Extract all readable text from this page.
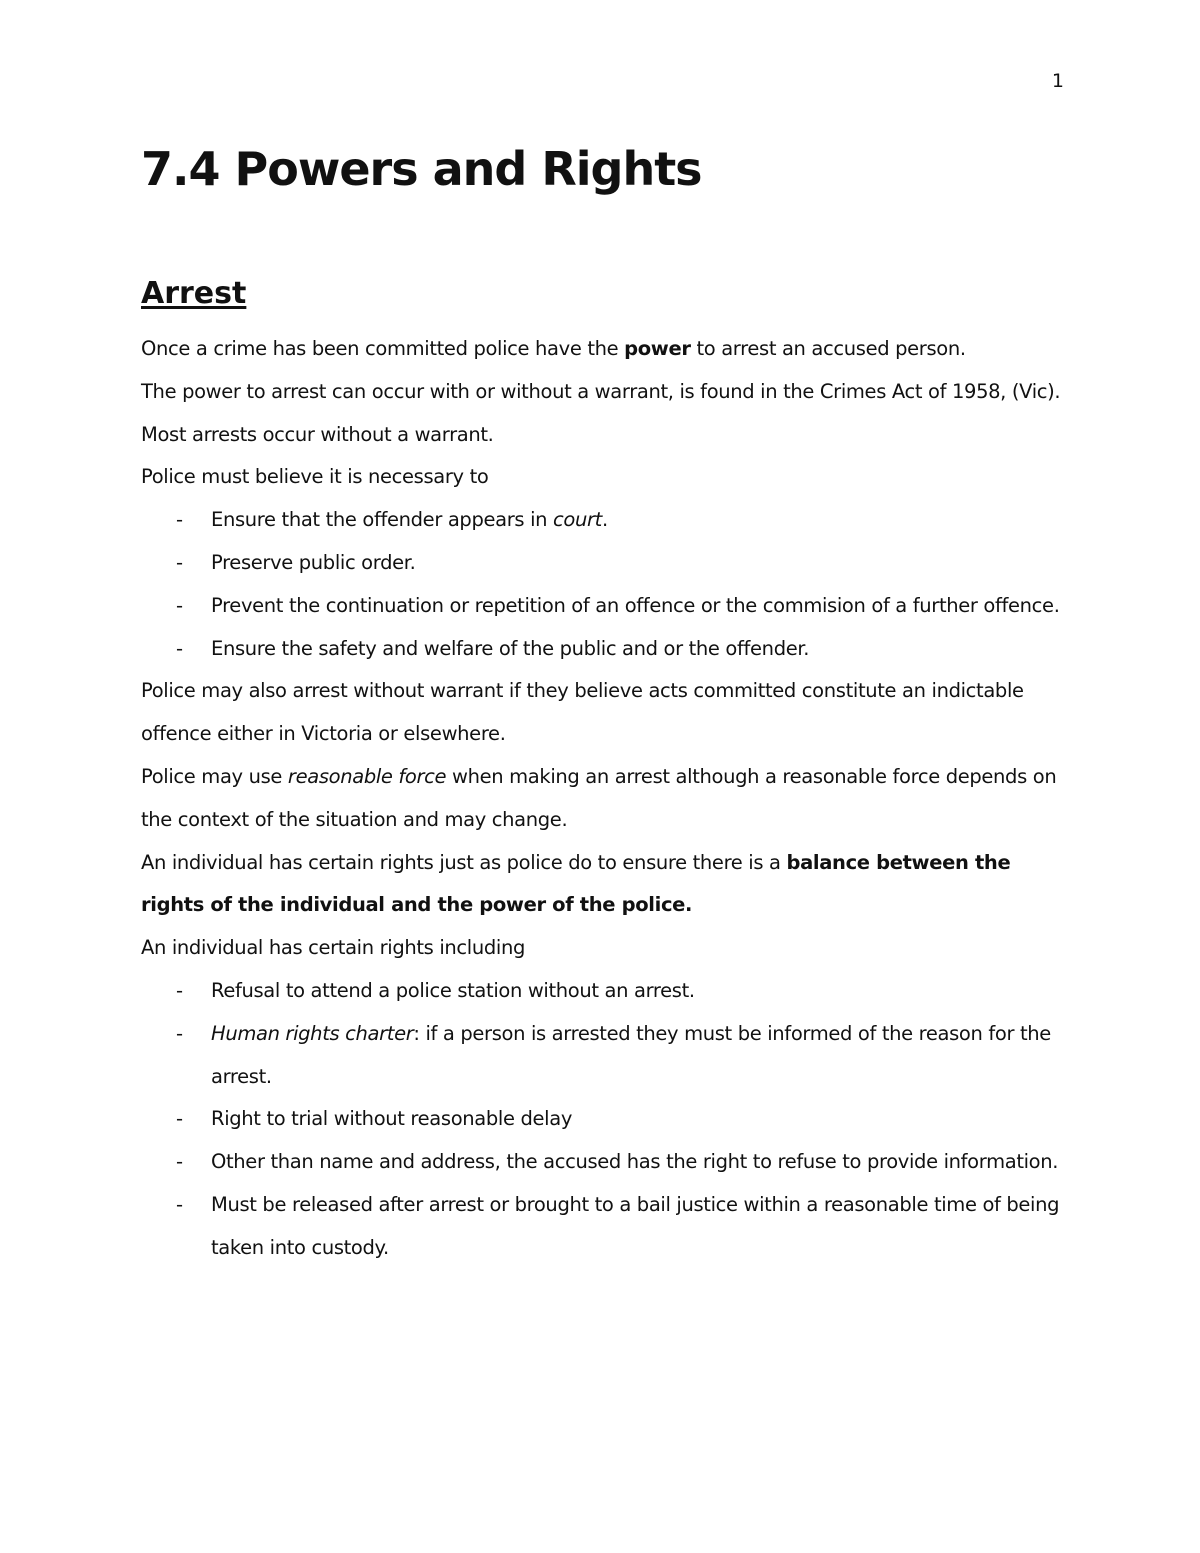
1
7.4 Powers and Rights
Arrest

Once a crime has been committed police have the power to arrest an accused person.

The power to arrest can occur with or without a warrant, is found in the Crimes Act of 1958, (Vic). Most arrests occur without a warrant.

Police must believe it is necessary to

- Ensure that the offender appears in court.
- Preserve public order.
- Prevent the continuation or repetition of an offence or the commision of a further offence.
- Ensure the safety and welfare of the public and or the offender.

Police may also arrest without warrant if they believe acts committed constitute an indictable offence either in Victoria or elsewhere.

Police may use reasonable force when making an arrest although a reasonable force depends on the context of the situation and may change.

An individual has certain rights just as police do to ensure there is a balance between the rights of the individual and the power of the police.

An individual has certain rights including

- Refusal to attend a police station without an arrest.
- Human rights charter: if a person is arrested they must be informed of the reason for the arrest.
- Right to trial without reasonable delay
- Other than name and address, the accused has the right to refuse to provide information.
- Must be released after arrest or brought to a bail justice within a reasonable time of being taken into custody.
